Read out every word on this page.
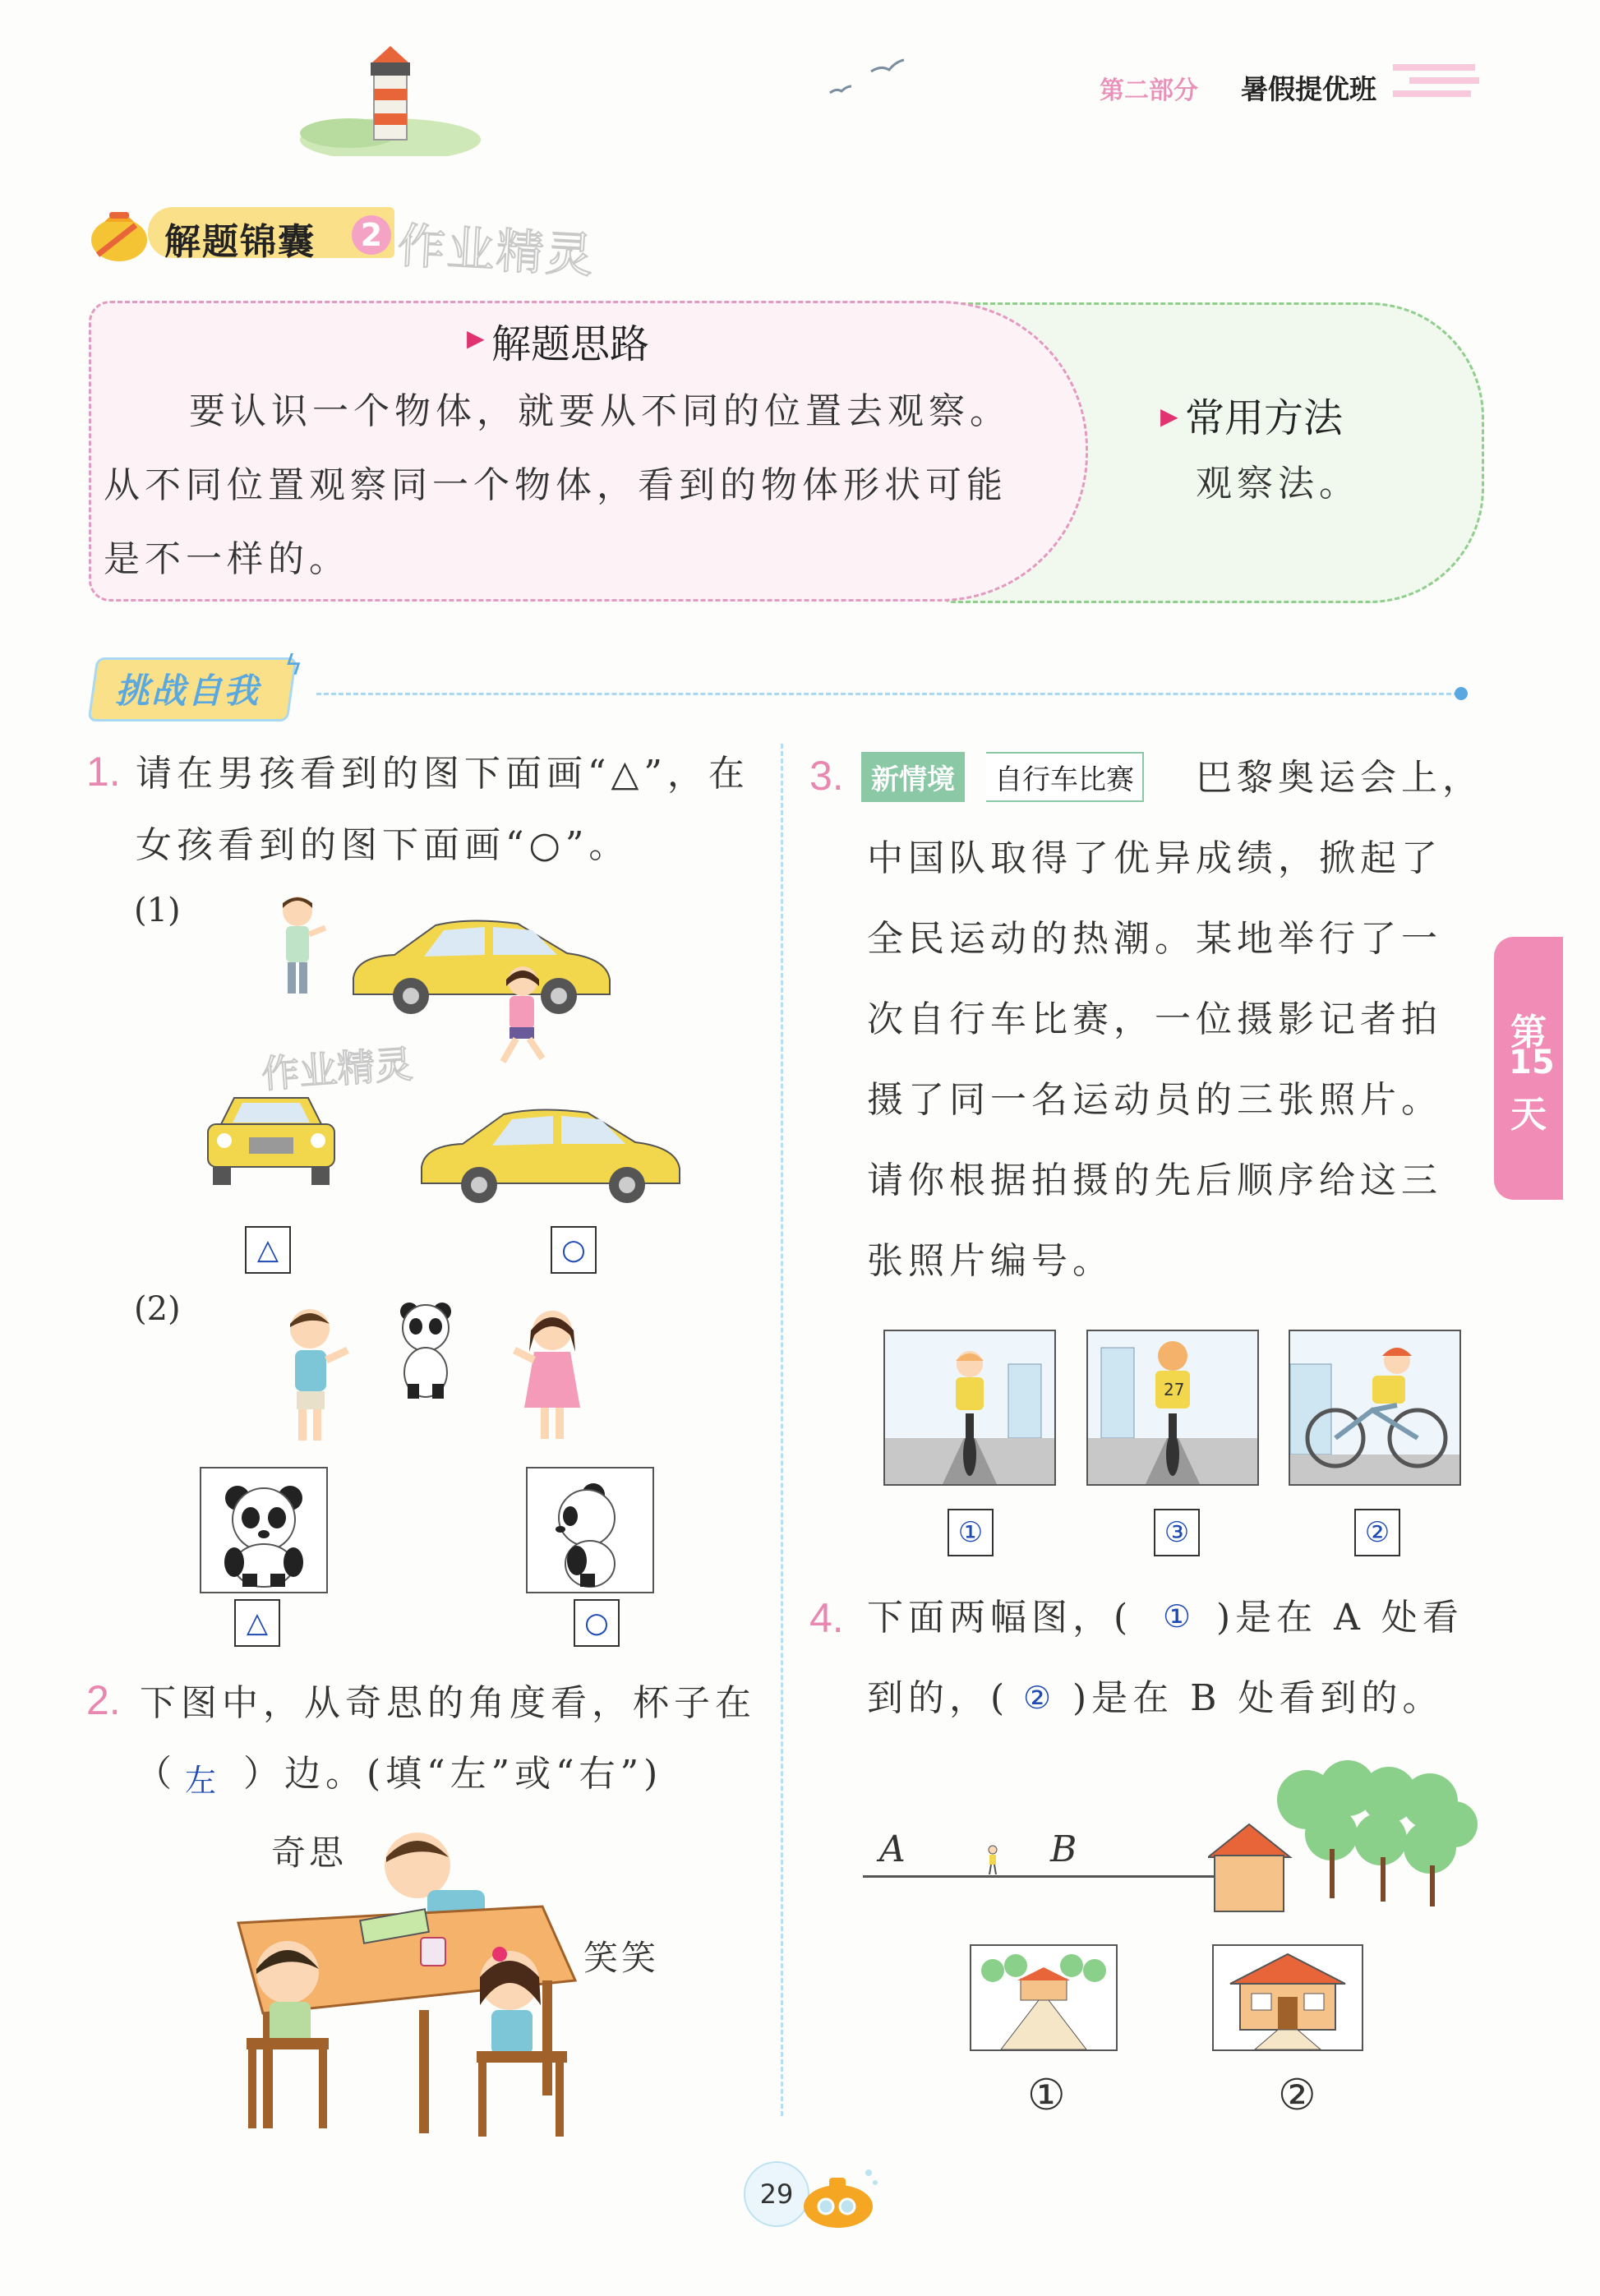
第二部分 暑假提优班
解题锦囊 2 作业精灵
▶ 解题思路
要认识一个物体，就要从不同的位置去观察。
从不同位置观察同一个物体，看到的物体形状可能
是不一样的。
▶ 常用方法
观察法。
挑战自我
ϟ
1. 请在男孩看到的图下面画“△”，在
女孩看到的图下面画“○”。
(1)
作业精灵
△	○
(2)
△	○
2. 下图中，从奇思的角度看，杯子在
（ 左 ）边。(填“左”或“右”)
奇思
笑笑
3. 新情境	自行车比赛 巴黎奥运会上，
中国队取得了优异成绩，掀起了
全民运动的热潮。某地举行了一
次自行车比赛，一位摄影记者拍
摄了同一名运动员的三张照片。
请你根据拍摄的先后顺序给这三
张照片编号。
27
①	③	②
4. 下面两幅图，( ① )是在 A 处看
到的，( ② )是在 B 处看到的。
A	B
①	②
第
15
天
29
